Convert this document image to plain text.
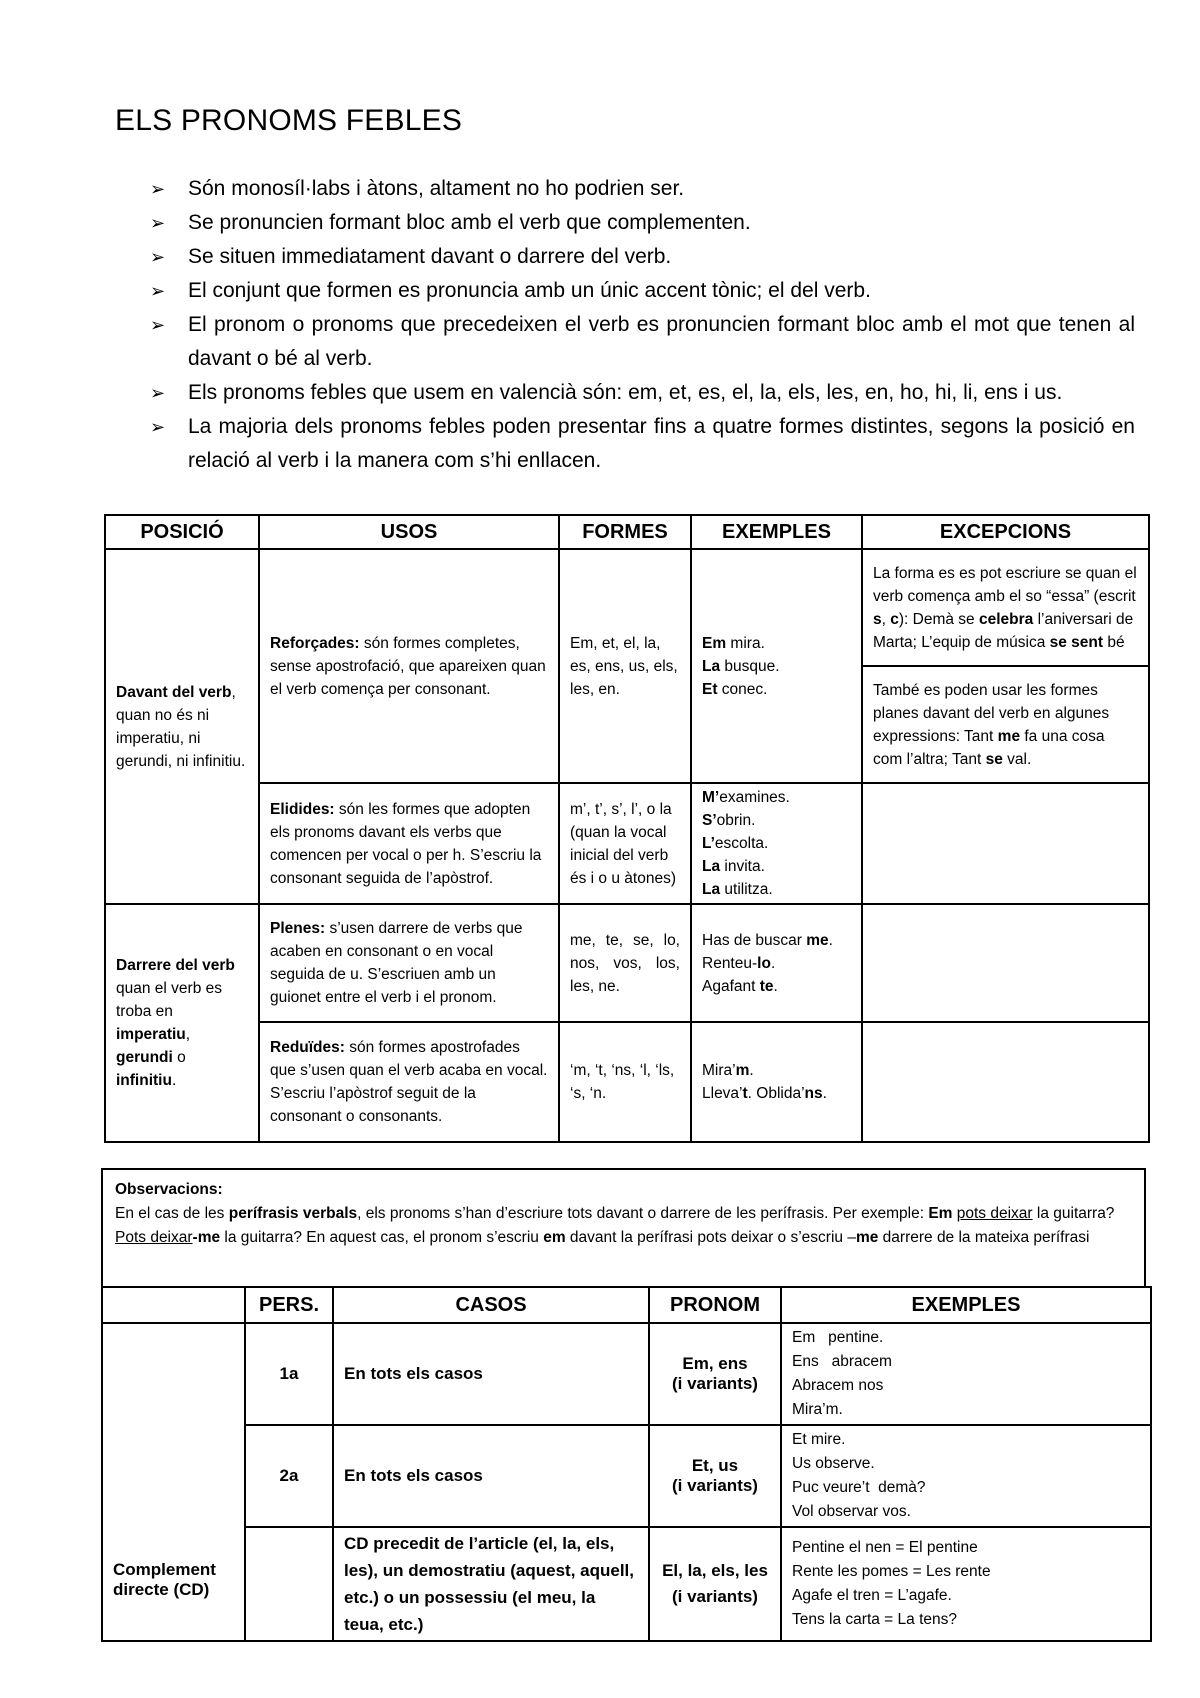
ELS PRONOMS FEBLES
➢ Són monosíl·labs i àtons, altament no ho podrien ser.
➢ Se pronuncien formant bloc amb el verb que complementen.
➢ Se situen immediatament davant o darrere del verb.
➢ El conjunt que formen es pronuncia amb un únic accent tònic; el del verb.
➢ El pronom o pronoms que precedeixen el verb es pronuncien formant bloc amb el mot que tenen al davant o bé al verb.
➢ Els pronoms febles que usem en valencià són: em, et, es, el, la, els, les, en, ho, hi, li, ens i us.
➢ La majoria dels pronoms febles poden presentar fins a quatre formes distintes, segons la posició en relació al verb i la manera com s’hi enllacen.
POSICIÓ	USOS	FORMES	EXEMPLES	EXCEPCIONS
Davant del verb, quan no és ni imperatiu, ni gerundi, ni infinitiu.	Reforçades: són formes completes, sense apostrofació, que apareixen quan el verb comença per consonant.	Em, et, el, la, es, ens, us, els, les, en.	Em mira.
La busque.
Et conec.	La forma es es pot escriure se quan el verb comença amb el so “essa” (escrit s, c): Demà se celebra l’aniversari de Marta; L’equip de música se sent bé
				També es poden usar les formes planes davant del verb en algunes expressions: Tant me fa una cosa com l’altra; Tant se val.
	Elidides: són les formes que adopten els pronoms davant els verbs que comencen per vocal o per h. S’escriu la consonant seguida de l’apòstrof.	m’, t’, s’, l’, o la (quan la vocal inicial del verb és i o u àtones)	M’examines.
S’obrin.
L’escolta.
La invita.
La utilitza.	
Darrere del verb quan el verb es troba en imperatiu, gerundi o infinitiu.	Plenes: s’usen darrere de verbs que acaben en consonant o en vocal seguida de u. S’escriuen amb un guionet entre el verb i el pronom.	me, te, se, lo, nos, vos, los, les, ne.	Has de buscar me.
Renteu-lo.
Agafant te.	
	Reduïdes: són formes apostrofades que s’usen quan el verb acaba en vocal. S’escriu l’apòstrof seguit de la consonant o consonants.	‘m, ‘t, ‘ns, ‘l, ‘ls, ‘s, ‘n.	Mira’m.
Lleva’t. Oblida’ns.	
Observacions:
En el cas de les perífrasis verbals, els pronoms s’han d’escriure tots davant o darrere de les perífrasis. Per exemple: Em pots deixar la guitarra? Pots deixar-me la guitarra? En aquest cas, el pronom s’escriu em davant la perífrasi pots deixar o s’escriu –me darrere de la mateixa perífrasi
	PERS.	CASOS	PRONOM	EXEMPLES
Complement directe (CD)	1a	En tots els casos	Em, ens
(i variants)	Em   pentine.
Ens   abracem
Abracem nos
Mira’m.
	2a	En tots els casos	Et, us
(i variants)	Et mire.
Us observe.
Puc veure’t  demà?
Vol observar vos.
		CD precedit de l’article (el, la, els, les), un demostratiu (aquest, aquell, etc.) o un possessiu (el meu, la teua, etc.)	El, la, els, les
(i variants)	Pentine el nen = El pentine
Rente les pomes = Les rente
Agafe el tren = L’agafe.
Tens la carta = La tens?
